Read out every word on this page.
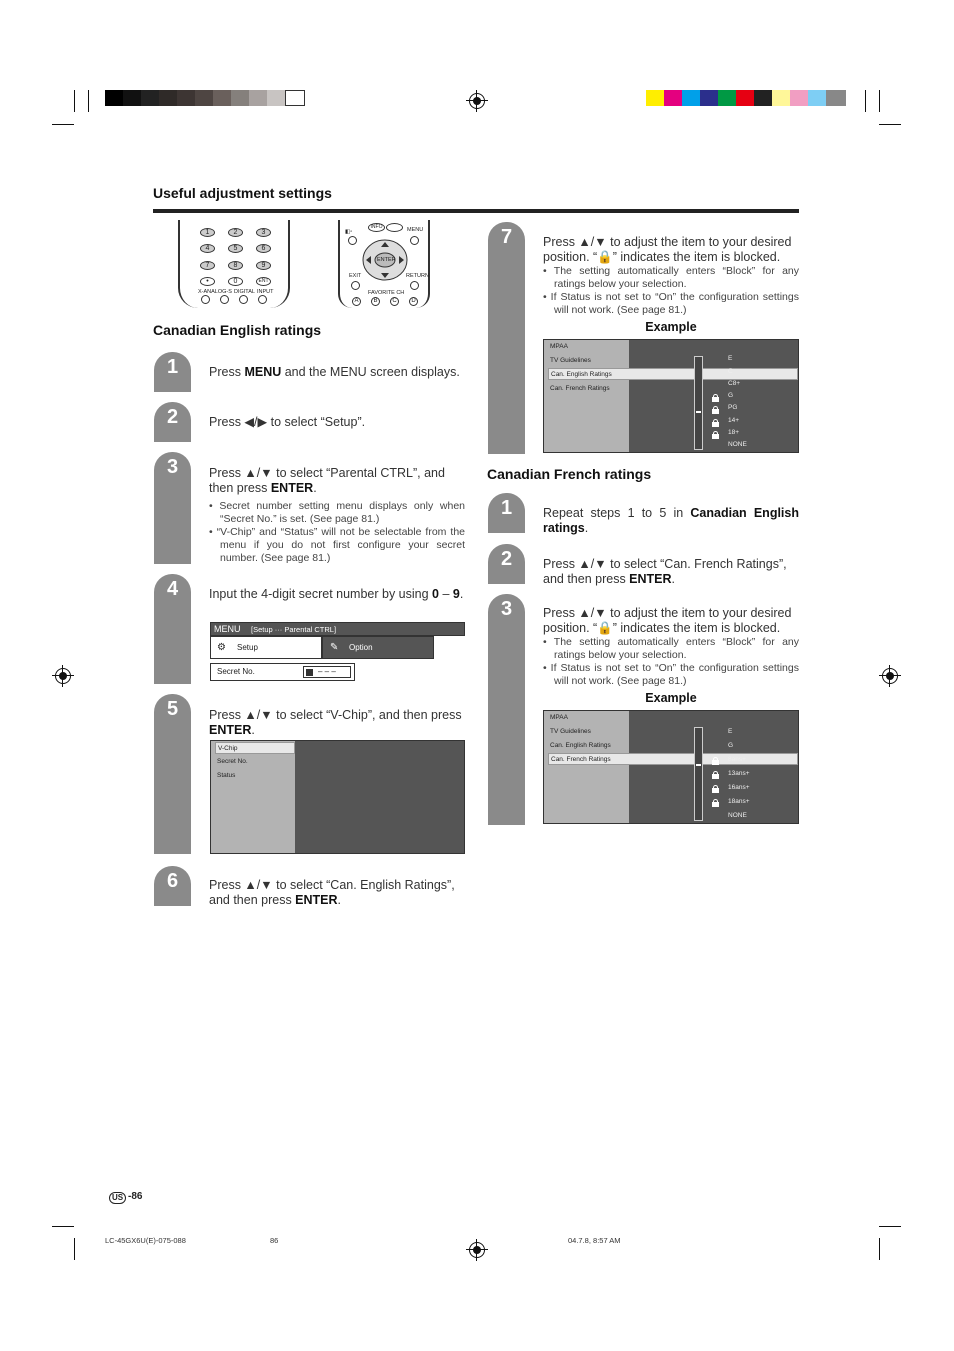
Useful adjustment settings
1	2	3
4	5	6
7	8	9
•	0	ENT
X-ANALOG-S DIGITAL INPUT
◧▫
INFO	MENU
ENTER
EXIT	RETURN
FAVORITE CH
A	B	C	D
Canadian English ratings
1	Press MENU and the MENU screen displays.
2	Press ◀/▶ to select “Setup”.
3	Press ▲/▼ to select “Parental CTRL”, and then press ENTER.
• Secret number setting menu displays only when “Secret No.” is set. (See page 81.)
• “V-Chip” and “Status” will not be selectable from the menu if you do not first configure your secret number. (See page 81.)
4	Input the 4-digit secret number by using 0 – 9.
MENU [Setup ··· Parental CTRL]
⚙ Setup	✎ Option
Secret No.	– – –
5	Press ▲/▼ to select “V-Chip”, and then press ENTER.
V-Chip
Secret No.
Status
6	Press ▲/▼ to select “Can. English Ratings”, and then press ENTER.
7	Press ▲/▼ to adjust the item to your desired position. “🔒” indicates the item is blocked.
• The setting automatically enters “Block” for any ratings below your selection.
• If Status is not set to “On” the configuration settings will not work. (See page 81.)
Example
MPAA
TV Guidelines
Can. English Ratings
Can. French Ratings
E
C
C8+
G
PG
14+
18+
NONE
Canadian French ratings
1	Repeat steps 1 to 5 in Canadian English ratings.
2	Press ▲/▼ to select “Can. French Ratings”, and then press ENTER.
3	Press ▲/▼ to adjust the item to your desired position. “🔒” indicates the item is blocked.
• The setting automatically enters “Block” for any ratings below your selection.
• If Status is not set to “On” the configuration settings will not work. (See page 81.)
Example
MPAA
TV Guidelines
Can. English Ratings
Can. French Ratings
E
G
8ans+
13ans+
16ans+
18ans+
NONE
US -86
LC-45GX6U(E)-075-088	86	04.7.8, 8:57 AM
